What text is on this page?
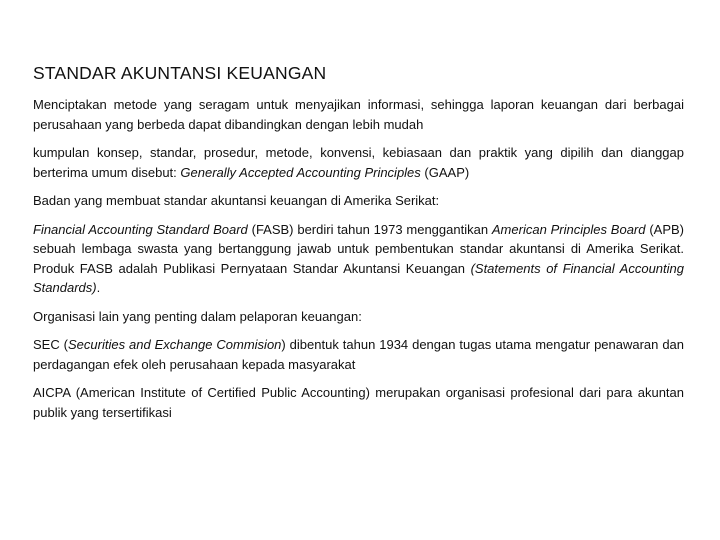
STANDAR AKUNTANSI KEUANGAN

Menciptakan metode yang seragam untuk menyajikan informasi, sehingga laporan keuangan dari berbagai perusahaan yang berbeda dapat dibandingkan dengan lebih mudah

kumpulan konsep, standar, prosedur, metode, konvensi, kebiasaan dan praktik yang dipilih dan dianggap berterima umum disebut: Generally Accepted Accounting Principles (GAAP)

Badan yang membuat standar akuntansi keuangan di Amerika Serikat:

Financial Accounting Standard Board (FASB) berdiri tahun 1973 menggantikan American Principles Board (APB) sebuah lembaga swasta yang bertanggung jawab untuk pembentukan standar akuntansi di Amerika Serikat. Produk FASB adalah Publikasi Pernyataan Standar Akuntansi Keuangan (Statements of Financial Accounting Standards).

Organisasi lain yang penting dalam pelaporan keuangan:

SEC (Securities and Exchange Commision) dibentuk tahun 1934 dengan tugas utama mengatur penawaran dan perdagangan efek oleh perusahaan kepada masyarakat

AICPA (American Institute of Certified Public Accounting) merupakan organisasi profesional dari para akuntan publik yang tersertifikasi
